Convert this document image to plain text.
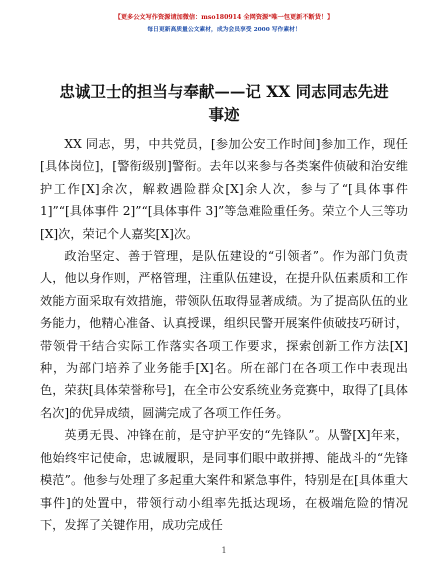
【更多公文写作资源请加微信：mso180914 全网资源*唯一包更新不断货！】
每日更新高质量公文素材，成为会员享受 2000 写作素材！
忠诚卫士的担当与奉献——记 XX 同志同志先进
事迹

XX 同志，男，中共党员，[参加公安工作时间]参加工作，现任[具体岗位]，[警衔级别]警衔。去年以来参与各类案件侦破和治安维护工作[X]余次，解救遇险群众[X]余人次，参与了“[具体事件 1]”“[具体事件 2]”“[具体事件 3]”等急难险重任务。荣立个人三等功[X]次，荣记个人嘉奖[X]次。

政治坚定、善于管理，是队伍建设的“引领者”。作为部门负责人，他以身作则，严格管理，注重队伍建设，在提升队伍素质和工作效能方面采取有效措施，带领队伍取得显著成绩。为了提高队伍的业务能力，他精心准备、认真授课，组织民警开展案件侦破技巧研讨，带领骨干结合实际工作落实各项工作要求，探索创新工作方法[X]种，为部门培养了业务能手[X]名。所在部门在各项工作中表现出色，荣获[具体荣誉称号]，在全市公安系统业务竞赛中，取得了[具体名次]的优异成绩，圆满完成了各项工作任务。

英勇无畏、冲锋在前，是守护平安的“先锋队”。从警[X]年来，他始终牢记使命，忠诚履职，是同事们眼中敢拼搏、能战斗的“先锋模范”。他参与处理了多起重大案件和紧急事件，特别是在[具体重大事件]的处置中，带领行动小组率先抵达现场，在极端危险的情况下，发挥了关键作用，成功完成任

1
